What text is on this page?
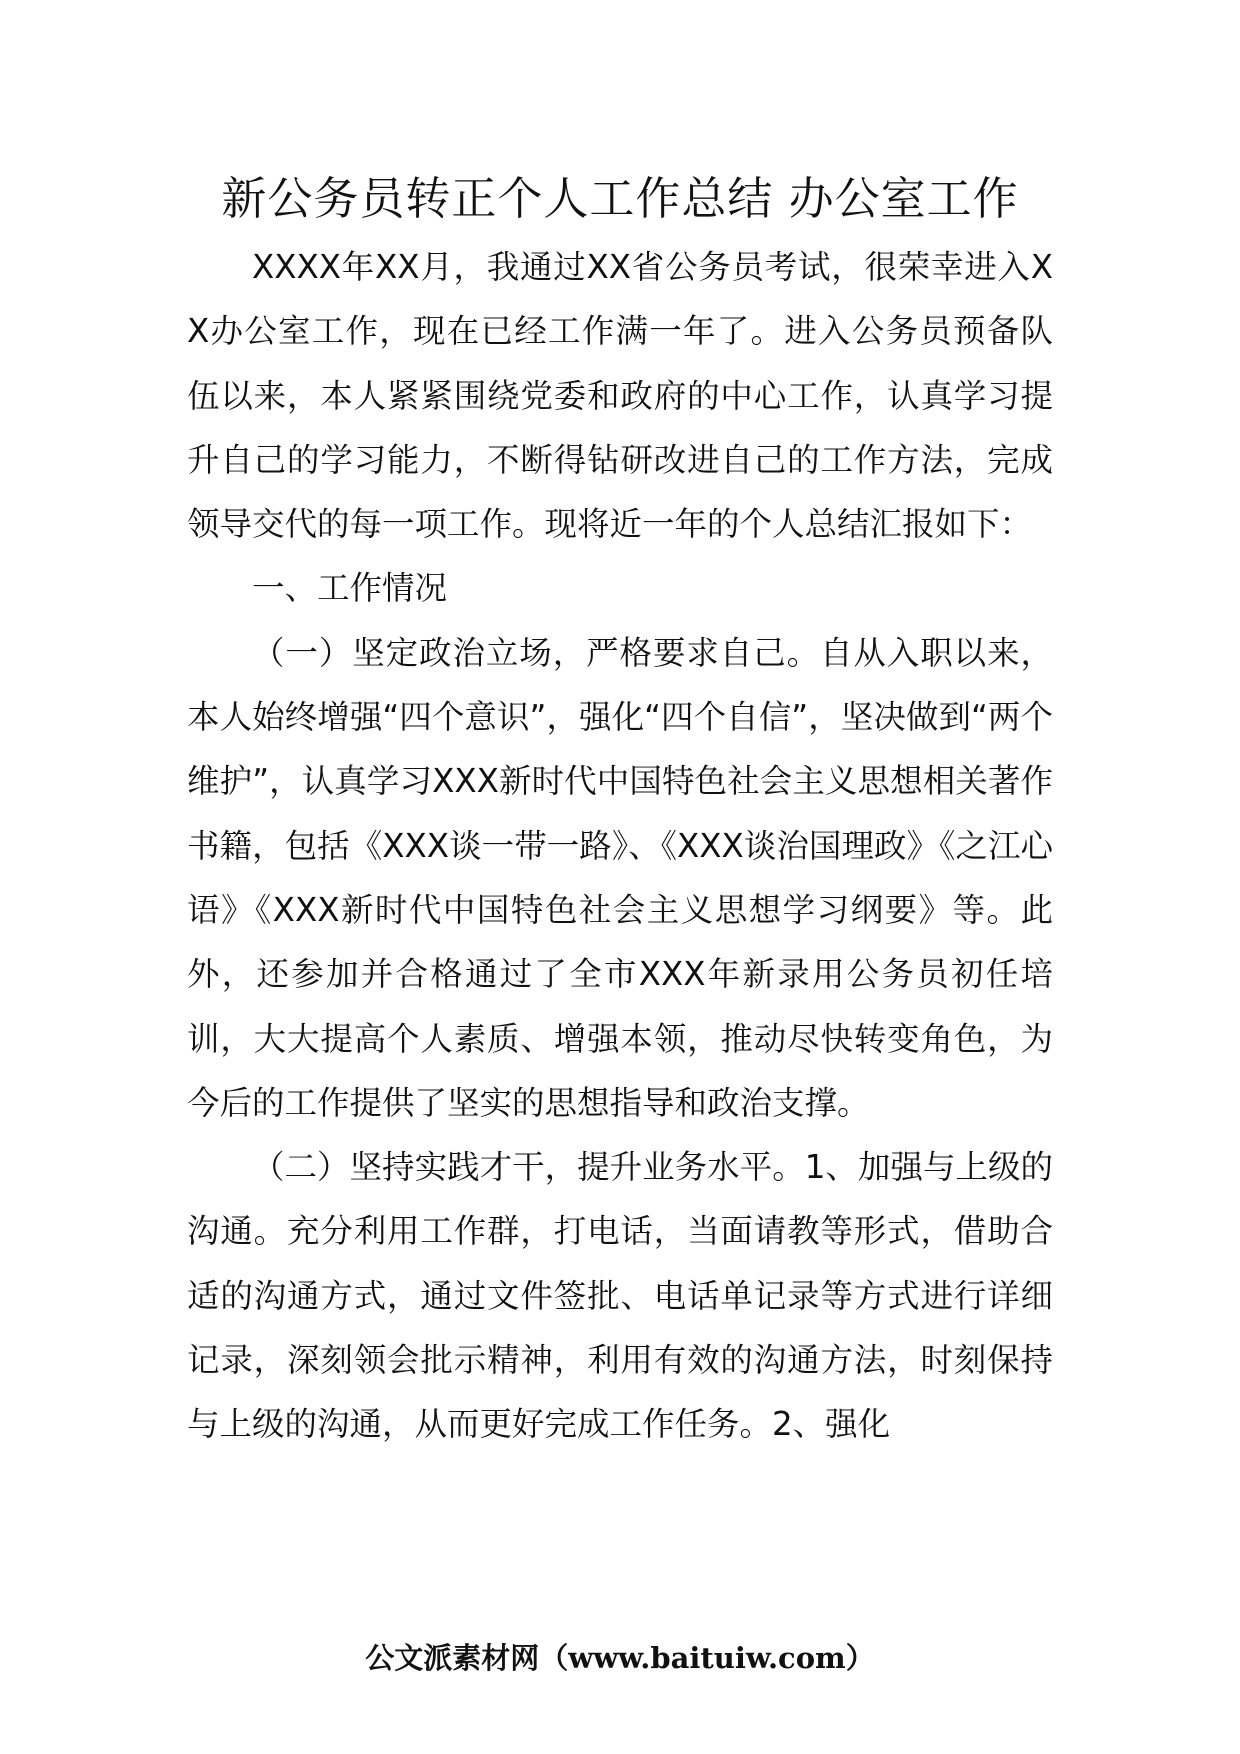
新公务员转正个人工作总结 办公室工作

XXXX年XX月，我通过XX省公务员考试，很荣幸进入XX办公室工作，现在已经工作满一年了。进入公务员预备队伍以来，本人紧紧围绕党委和政府的中心工作，认真学习提升自己的学习能力，不断得钻研改进自己的工作方法，完成领导交代的每一项工作。现将近一年的个人总结汇报如下：

一、工作情况

（一）坚定政治立场，严格要求自己。自从入职以来，本人始终增强“四个意识”，强化“四个自信”，坚决做到“两个维护”，认真学习XXX新时代中国特色社会主义思想相关著作书籍，包括《XXX谈一带一路》、《XXX谈治国理政》《之江心语》《XXX新时代中国特色社会主义思想学习纲要》等。此外，还参加并合格通过了全市XXX年新录用公务员初任培训，大大提高个人素质、增强本领，推动尽快转变角色，为今后的工作提供了坚实的思想指导和政治支撑。

（二）坚持实践才干，提升业务水平。1、加强与上级的沟通。充分利用工作群，打电话，当面请教等形式，借助合适的沟通方式，通过文件签批、电话单记录等方式进行详细记录，深刻领会批示精神，利用有效的沟通方法，时刻保持与上级的沟通，从而更好完成工作任务。2、强化

公文派素材网（www.baituiw.com）
